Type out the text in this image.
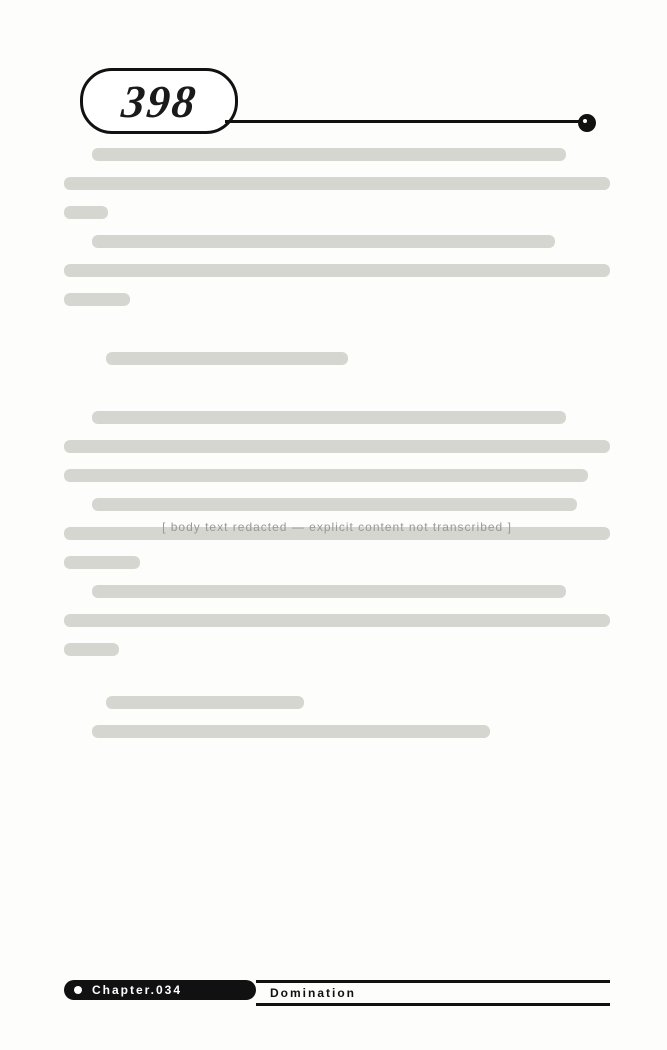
398
[ body text redacted — explicit content not transcribed ]
Chapter.034	Domination
